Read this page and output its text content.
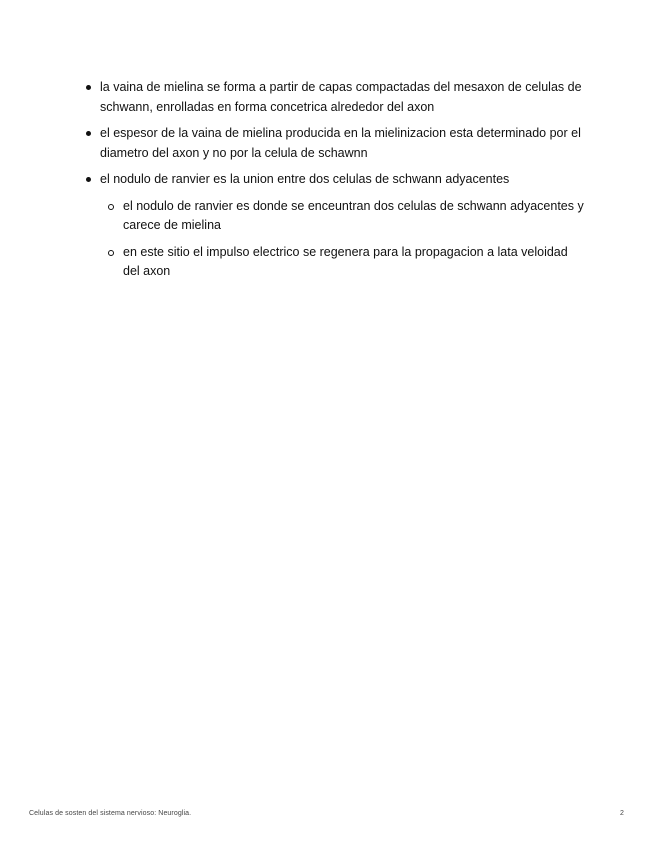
la vaina de mielina se forma a partir de capas compactadas del mesaxon de celulas de schwann, enrolladas en forma concetrica alrededor del axon
el espesor de la vaina de mielina producida en la mielinizacion esta determinado por el diametro del axon y no por la celula de schawnn
el nodulo de ranvier es la union entre dos celulas de schwann adyacentes
el nodulo de ranvier es donde se enceuntran dos celulas de schwann adyacentes y carece de mielina
en este sitio el impulso electrico se regenera para la propagacion a lata veloidad del axon
Celulas de sosten del sistema nervioso: Neuroglia.	2
